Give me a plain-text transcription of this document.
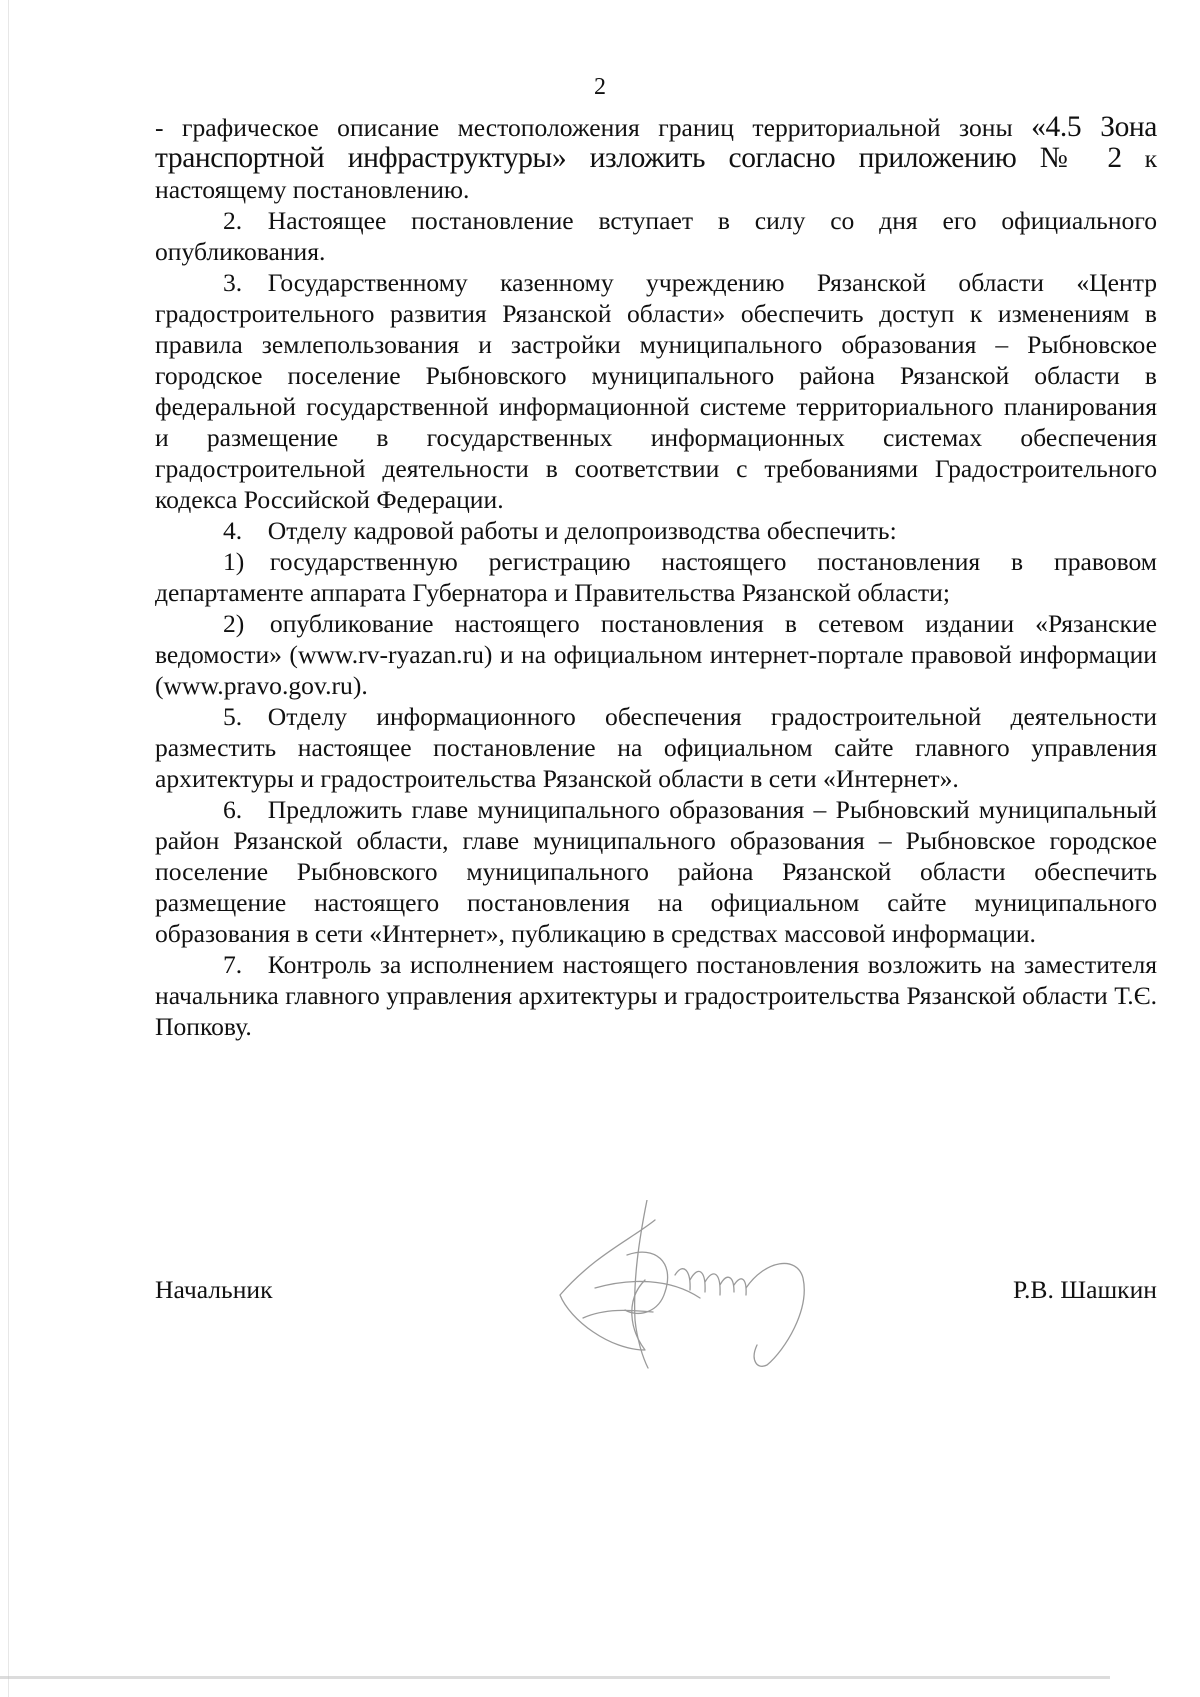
2

- графическое описание местоположения границ территориальной зоны «4.5 Зона транспортной инфраструктуры» изложить согласно приложению № 2 к настоящему постановлению.

2. Настоящее постановление вступает в силу со дня его официального опубликования.

3. Государственному казенному учреждению Рязанской области «Центр градостроительного развития Рязанской области» обеспечить доступ к изменениям в правила землепользования и застройки муниципального образования – Рыбновское городское поселение Рыбновского муниципального района Рязанской области в федеральной государственной информационной системе территориального планирования и размещение в государственных информационных системах обеспечения градостроительной деятельности в соответствии с требованиями Градостроительного кодекса Российской Федерации.

4. Отделу кадровой работы и делопроизводства обеспечить:

1) государственную регистрацию настоящего постановления в правовом департаменте аппарата Губернатора и Правительства Рязанской области;

2) опубликование настоящего постановления в сетевом издании «Рязанские ведомости» (www.rv-ryazan.ru) и на официальном интернет-портале правовой информации (www.pravo.gov.ru).

5. Отделу информационного обеспечения градостроительной деятельности разместить настоящее постановление на официальном сайте главного управления архитектуры и градостроительства Рязанской области в сети «Интернет».

6. Предложить главе муниципального образования – Рыбновский муниципальный район Рязанской области, главе муниципального образования – Рыбновское городское поселение Рыбновского муниципального района Рязанской области обеспечить размещение настоящего постановления на официальном сайте муниципального образования в сети «Интернет», публикацию в средствах массовой информации.

7. Контроль за исполнением настоящего постановления возложить на заместителя начальника главного управления архитектуры и градостроительства Рязанской области Т.Є. Попкову.

Начальник	Р.В. Шашкин
